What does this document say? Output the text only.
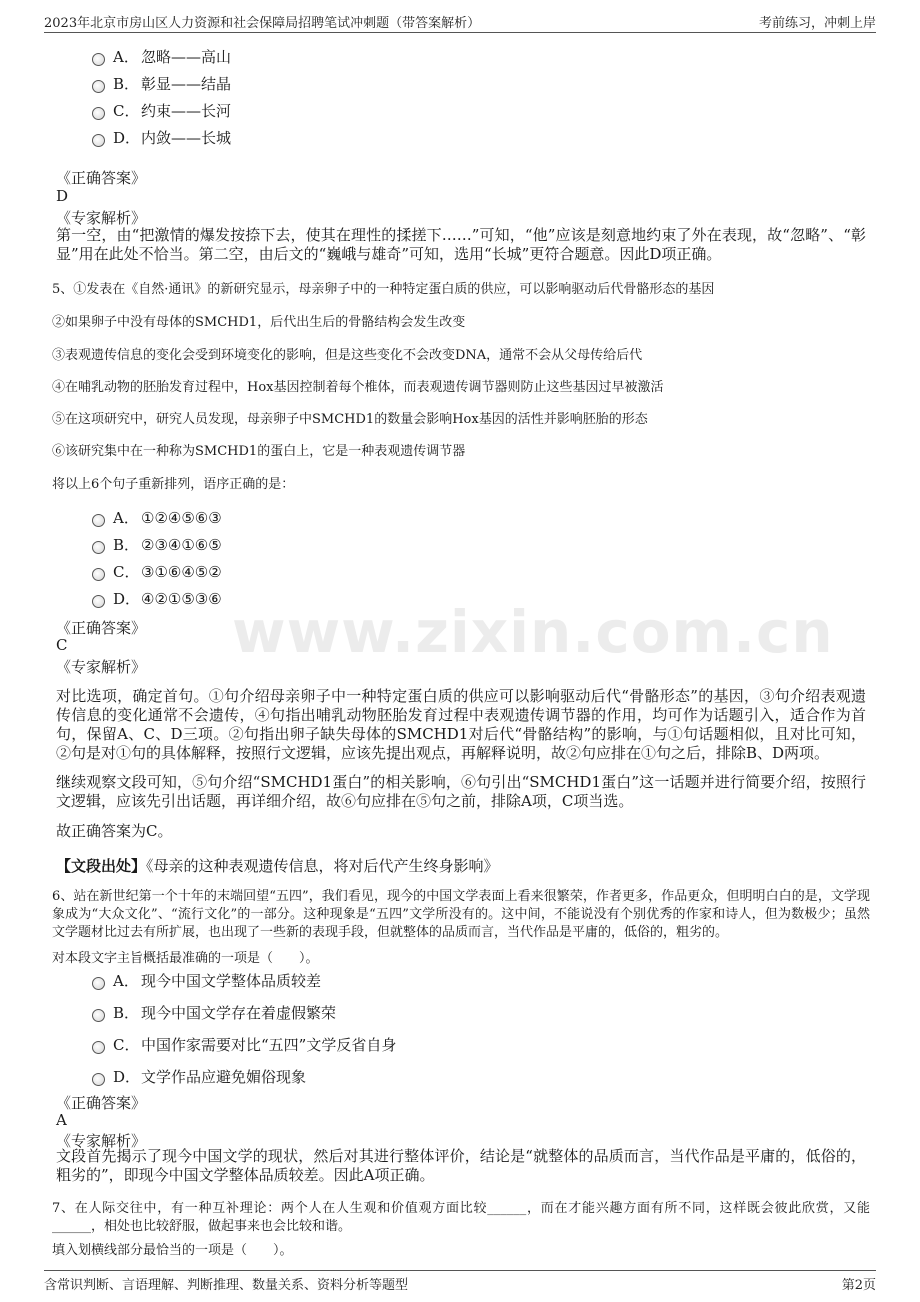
www.zixin.com.cn
2023年北京市房山区人力资源和社会保障局招聘笔试冲刺题（带答案解析）	考前练习，冲刺上岸
A． 忽略——高山
B． 彰显——结晶
C． 约束——长河
D． 内敛——长城
《正确答案》
D
《专家解析》
第一空，由“把激情的爆发按捺下去，使其在理性的揉搓下……”可知，“他”应该是刻意地约束了外在表现，故“忽略”、“彰显”用在此处不恰当。第二空，由后文的“巍峨与雄奇”可知，选用“长城”更符合题意。因此D项正确。
5、①发表在《自然·通讯》的新研究显示，母亲卵子中的一种特定蛋白质的供应，可以影响驱动后代骨骼形态的基因
②如果卵子中没有母体的SMCHD1，后代出生后的骨骼结构会发生改变
③表观遗传信息的变化会受到环境变化的影响，但是这些变化不会改变DNA，通常不会从父母传给后代
④在哺乳动物的胚胎发育过程中，Hox基因控制着每个椎体，而表观遗传调节器则防止这些基因过早被激活
⑤在这项研究中，研究人员发现，母亲卵子中SMCHD1的数量会影响Hox基因的活性并影响胚胎的形态
⑥该研究集中在一种称为SMCHD1的蛋白上，它是一种表观遗传调节器
将以上6个句子重新排列，语序正确的是：
A． ①②④⑤⑥③
B． ②③④①⑥⑤
C． ③①⑥④⑤②
D． ④②①⑤③⑥
《正确答案》
C
《专家解析》
对比选项，确定首句。①句介绍母亲卵子中一种特定蛋白质的供应可以影响驱动后代“骨骼形态”的基因，③句介绍表观遗传信息的变化通常不会遗传，④句指出哺乳动物胚胎发育过程中表观遗传调节器的作用，均可作为话题引入，适合作为首句，保留A、C、D三项。②句指出卵子缺失母体的SMCHD1对后代“骨骼结构”的影响，与①句话题相似，且对比可知，②句是对①句的具体解释，按照行文逻辑，应该先提出观点，再解释说明，故②句应排在①句之后，排除B、D两项。
继续观察文段可知，⑤句介绍“SMCHD1蛋白”的相关影响，⑥句引出“SMCHD1蛋白”这一话题并进行简要介绍，按照行文逻辑，应该先引出话题，再详细介绍，故⑥句应排在⑤句之前，排除A项，C项当选。
故正确答案为C。
【文段出处】《母亲的这种表观遗传信息，将对后代产生终身影响》
6、站在新世纪第一个十年的末端回望“五四”，我们看见，现今的中国文学表面上看来很繁荣，作者更多，作品更众，但明明白白的是，文学现象成为“大众文化”、“流行文化”的一部分。这种现象是“五四”文学所没有的。这中间，不能说没有个别优秀的作家和诗人，但为数极少；虽然文学题材比过去有所扩展，也出现了一些新的表现手段，但就整体的品质而言，当代作品是平庸的，低俗的，粗劣的。
对本段文字主旨概括最准确的一项是（　　）。
A． 现今中国文学整体品质较差
B． 现今中国文学存在着虚假繁荣
C． 中国作家需要对比“五四”文学反省自身
D． 文学作品应避免媚俗现象
《正确答案》
A
《专家解析》
文段首先揭示了现今中国文学的现状，然后对其进行整体评价，结论是“就整体的品质而言，当代作品是平庸的，低俗的，粗劣的”，即现今中国文学整体品质较差。因此A项正确。
7、在人际交往中，有一种互补理论：两个人在人生观和价值观方面比较______，而在才能兴趣方面有所不同，这样既会彼此欣赏，又能______，相处也比较舒服，做起事来也会比较和谐。
填入划横线部分最恰当的一项是（　　）。
含常识判断、言语理解、判断推理、数量关系、资料分析等题型	第2页
